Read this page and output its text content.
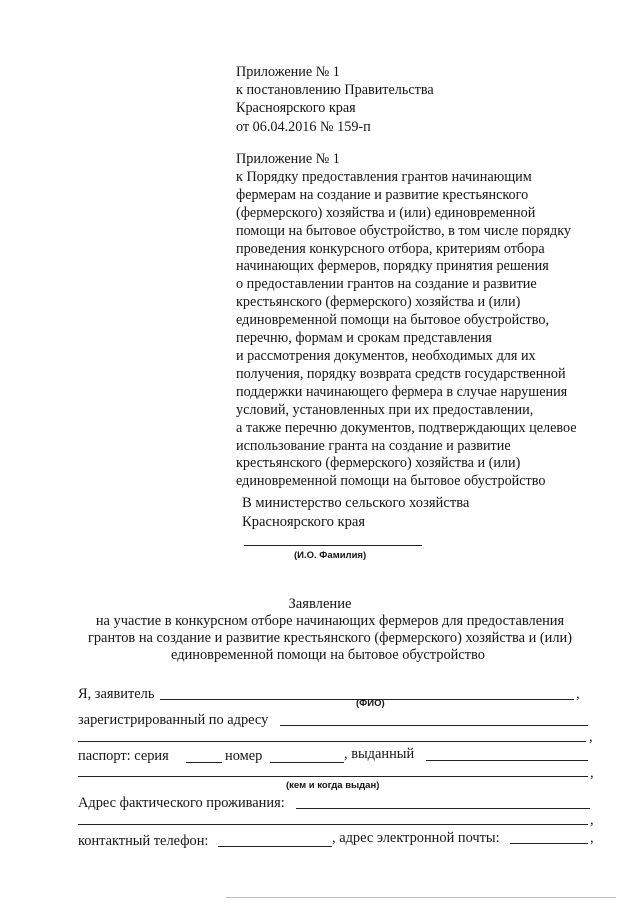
Приложение № 1
к постановлению Правительства
Красноярского края
от 06.04.2016 № 159-п
Приложение № 1
к Порядку предоставления грантов начинающим
фермерам на создание и развитие крестьянского
(фермерского) хозяйства и (или) единовременной
помощи на бытовое обустройство, в том числе порядку
проведения конкурсного отбора, критериям отбора
начинающих фермеров, порядку принятия решения
о предоставлении грантов на создание и развитие
крестьянского (фермерского) хозяйства и (или)
единовременной помощи на бытовое обустройство,
перечню, формам и срокам представления
и рассмотрения документов, необходимых для их
получения, порядку возврата средств государственной
поддержки начинающего фермера в случае нарушения
условий, установленных при их предоставлении,
а также перечню документов, подтверждающих целевое
использование гранта на создание и развитие
крестьянского (фермерского) хозяйства и (или)
единовременной помощи на бытовое обустройство
В министерство сельского хозяйства
Красноярского края
(И.О. Фамилия)
Заявление
на участие в конкурсном отборе начинающих фермеров для предоставления
грантов на создание и развитие крестьянского (фермерского) хозяйства и (или)
единовременной помощи на бытовое обустройство
Я, заявитель	,
(ФИО)
зарегистрированный по адресу
,
паспорт: серия	номер	, выданный
,
(кем и когда выдан)
Адрес фактического проживания:
,
контактный телефон:	, адрес электронной почты:	,
